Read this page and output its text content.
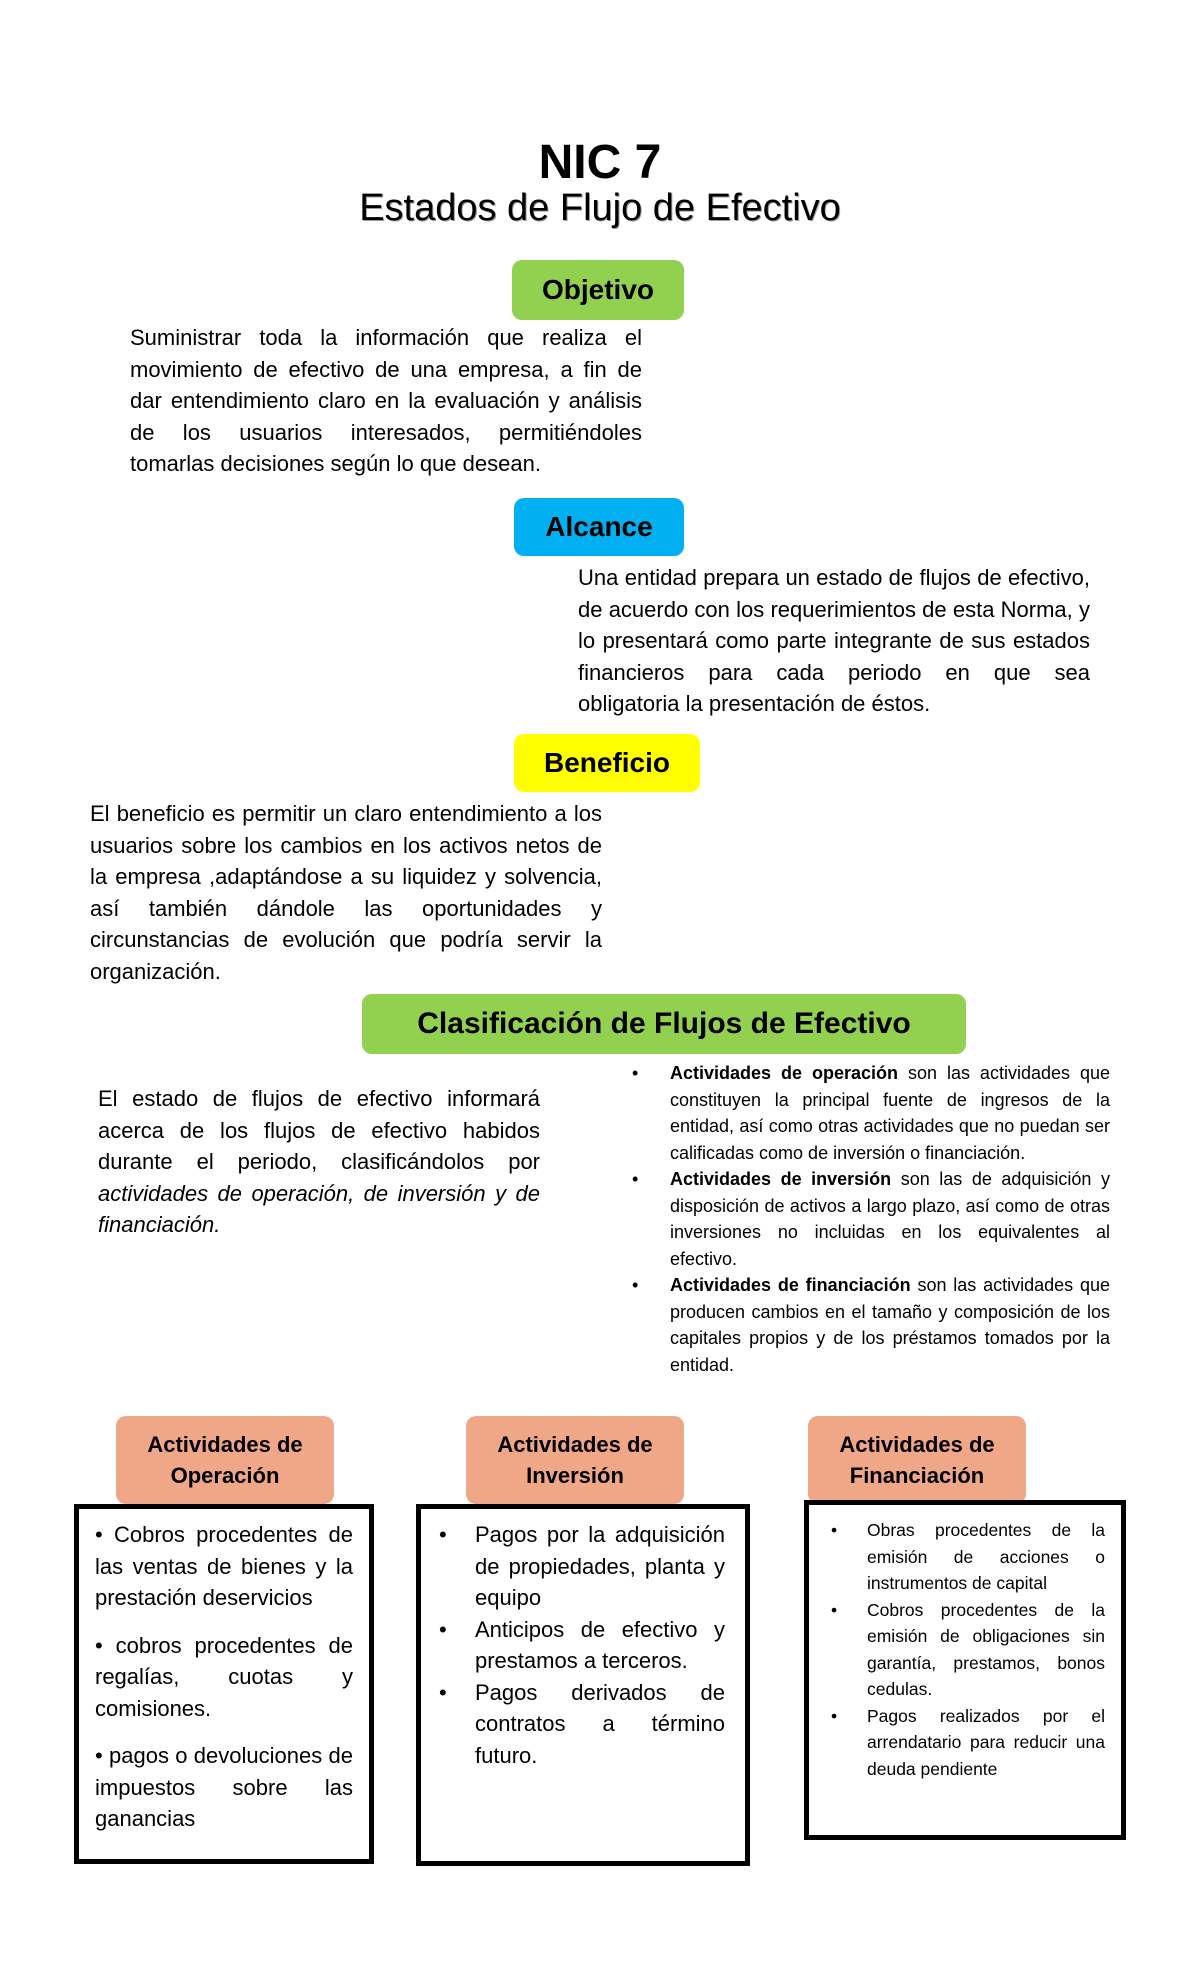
NIC 7
Estados de Flujo de Efectivo
Objetivo
Suministrar toda la información que realiza el movimiento de efectivo de una empresa, a fin de dar entendimiento claro en la evaluación y análisis de los usuarios interesados, permitiéndoles tomarlas decisiones según lo que desean.
Alcance
Una entidad prepara un estado de flujos de efectivo, de acuerdo con los requerimientos de esta Norma, y lo presentará como parte integrante de sus estados financieros para cada periodo en que sea obligatoria la presentación de éstos.
Beneficio
El beneficio es permitir un claro entendimiento a los usuarios sobre los cambios en los activos netos de la empresa ,adaptándose a su liquidez y solvencia, así también dándole las oportunidades y circunstancias de evolución que podría servir la organización.
Clasificación de Flujos de Efectivo
El estado de flujos de efectivo informará acerca de los flujos de efectivo habidos durante el periodo, clasificándolos por actividades de operación, de inversión y de financiación.
• Actividades de operación son las actividades que constituyen la principal fuente de ingresos de la entidad, así como otras actividades que no puedan ser calificadas como de inversión o financiación.
• Actividades de inversión son las de adquisición y disposición de activos a largo plazo, así como de otras inversiones no incluidas en los equivalentes al efectivo.
• Actividades de financiación son las actividades que producen cambios en el tamaño y composición de los capitales propios y de los préstamos tomados por la entidad.
Actividades de
Operación
• Cobros procedentes de las ventas de bienes y la prestación deservicios
• cobros procedentes de regalías, cuotas y comisiones.
• pagos o devoluciones de impuestos sobre las ganancias
Actividades de
Inversión
• Pagos por la adquisición de propiedades, planta y equipo
• Anticipos de efectivo y prestamos a terceros.
• Pagos derivados de contratos a término futuro.
Actividades de
Financiación
• Obras procedentes de la emisión de acciones o instrumentos de capital
• Cobros procedentes de la emisión de obligaciones sin garantía, prestamos, bonos cedulas.
• Pagos realizados por el arrendatario para reducir una deuda pendiente
